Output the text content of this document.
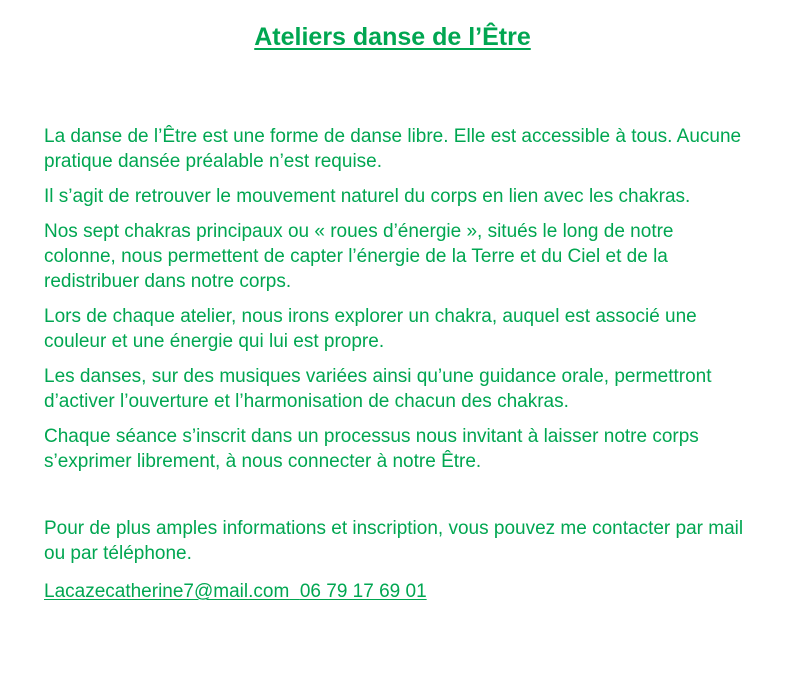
Ateliers danse de l’Être

La danse de l’Être est une forme de danse libre. Elle est accessible à tous. Aucune pratique dansée préalable n’est requise.

Il s’agit de retrouver le mouvement naturel du corps en lien avec les chakras.

Nos sept chakras principaux ou « roues d’énergie », situés le long de notre colonne, nous permettent de capter l’énergie de la Terre et du Ciel et de la redistribuer dans notre corps.

Lors de chaque atelier, nous irons explorer un chakra, auquel est associé une couleur et une énergie qui lui est propre.

Les danses, sur des musiques variées ainsi qu’une guidance orale, permettront d’activer l’ouverture et l’harmonisation de chacun des chakras.

Chaque séance s’inscrit dans un processus nous invitant à laisser notre corps s’exprimer librement, à nous connecter à notre Être.

Pour de plus amples informations et inscription, vous pouvez me contacter par mail ou par téléphone.

Lacazecatherine7@mail.com 06 79 17 69 01
